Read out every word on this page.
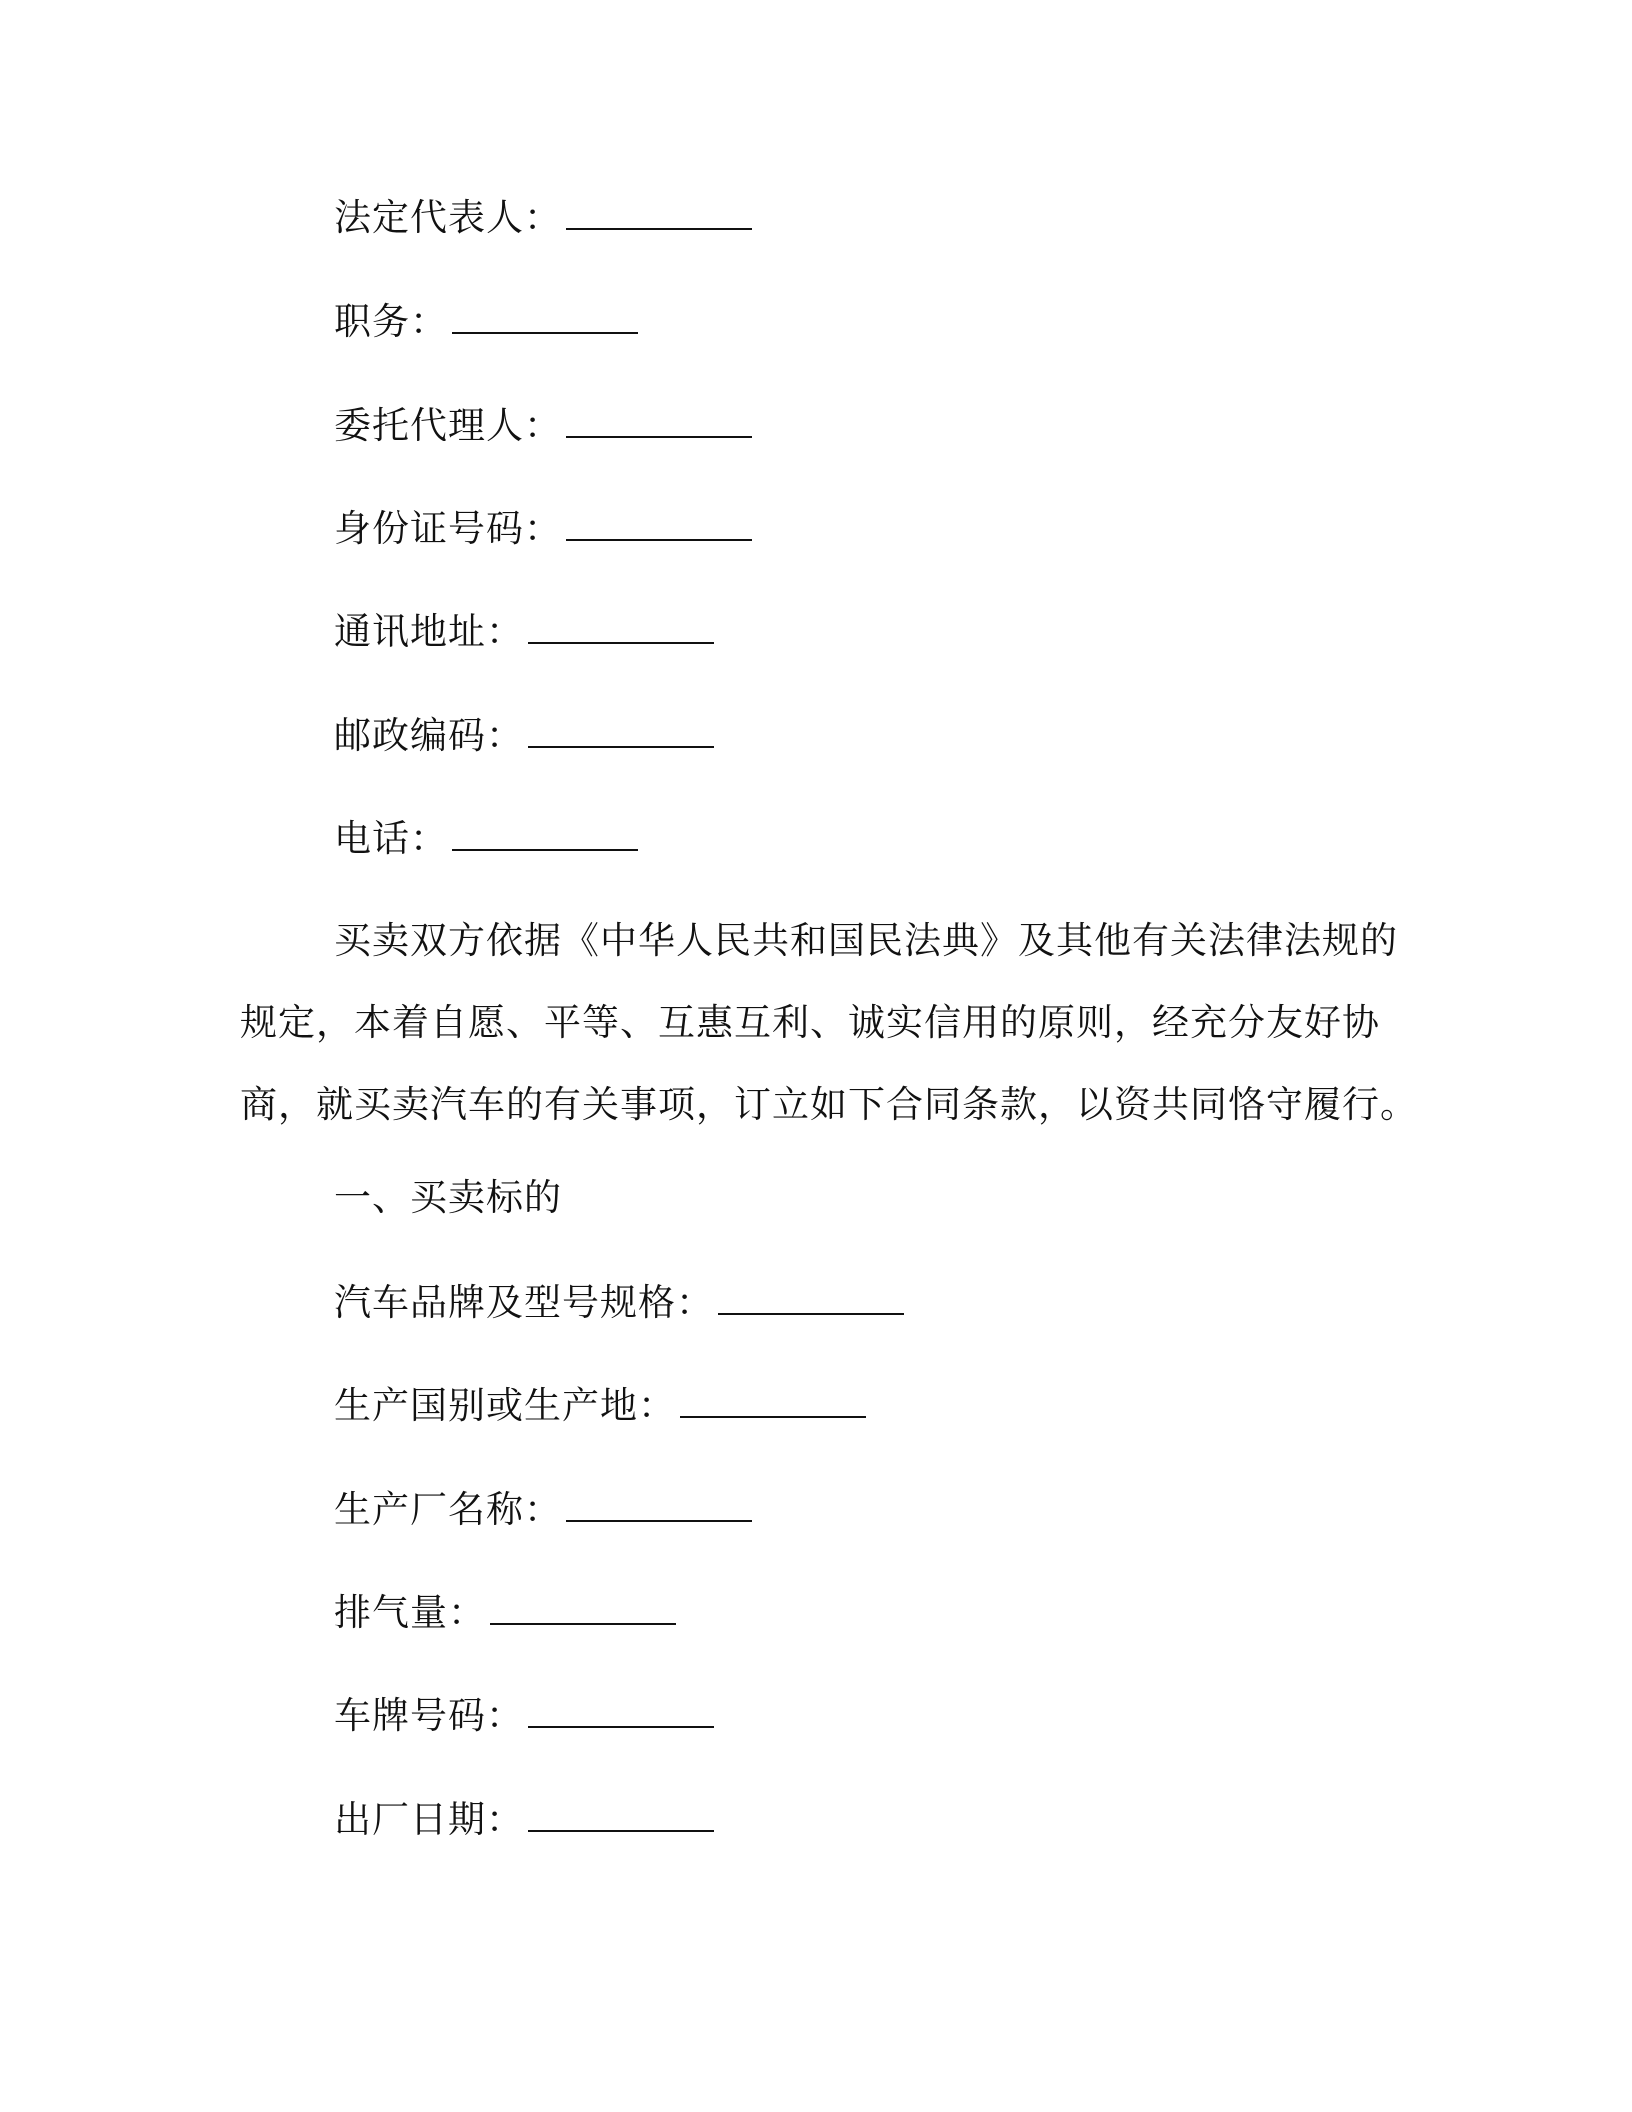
法定代表人：
职务：
委托代理人：
身份证号码：
通讯地址：
邮政编码：
电话：
买卖双方依据《中华人民共和国民法典》及其他有关法律法规的
规定，本着自愿、平等、互惠互利、诚实信用的原则，经充分友好协
商，就买卖汽车的有关事项，订立如下合同条款，以资共同恪守履行。
一、买卖标的
汽车品牌及型号规格：
生产国别或生产地：
生产厂名称：
排气量：
车牌号码：
出厂日期：
